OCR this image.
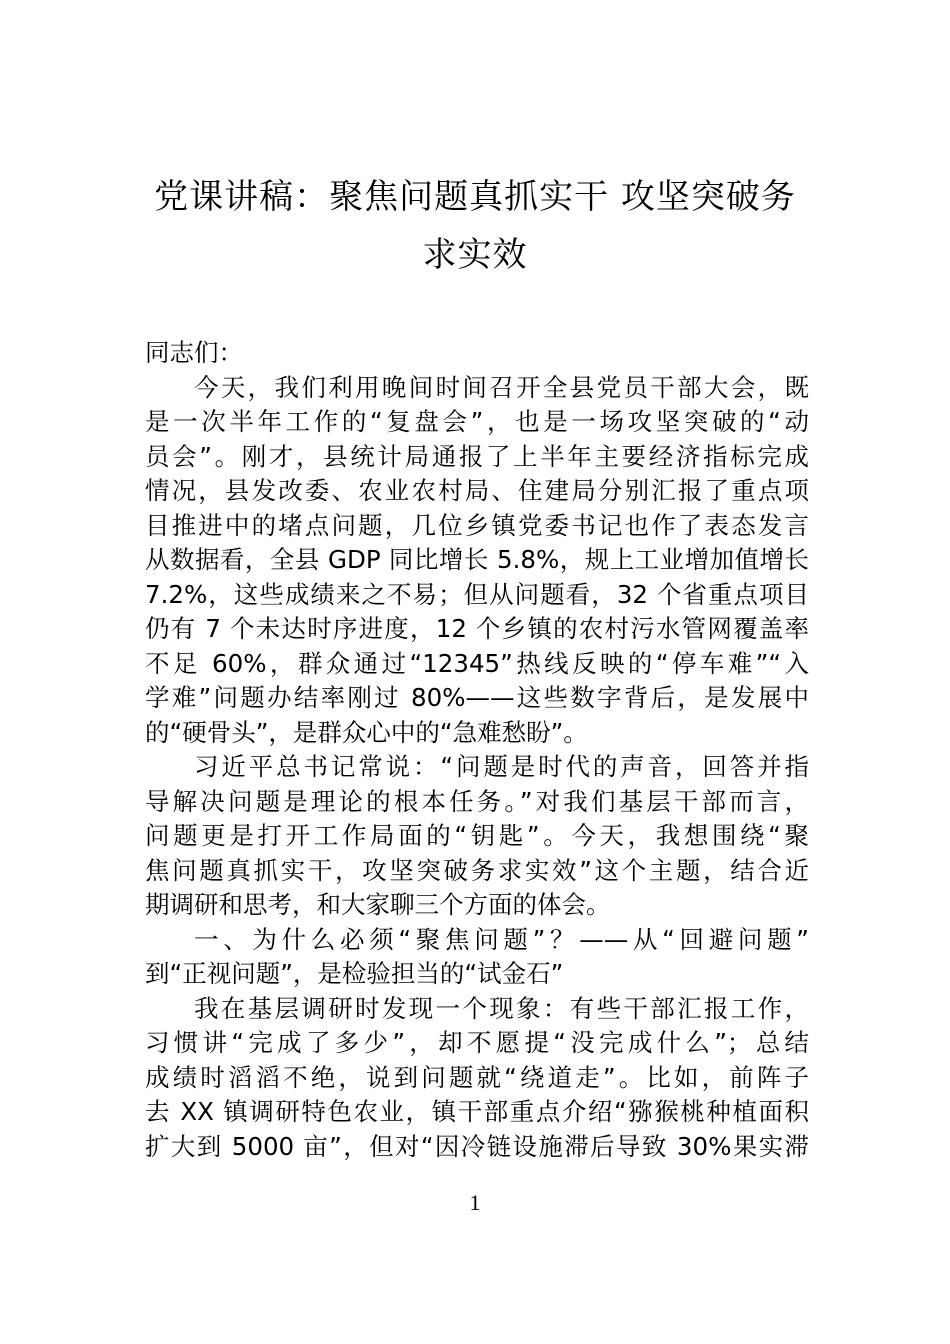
党课讲稿：聚焦问题真抓实干 攻坚突破务
求实效
同志们：
今天，我们利用晚间时间召开全县党员干部大会，既
是一次半年工作的“复盘会”，也是一场攻坚突破的“动
员会”。刚才，县统计局通报了上半年主要经济指标完成
情况，县发改委、农业农村局、住建局分别汇报了重点项
目推进中的堵点问题，几位乡镇党委书记也作了表态发言
从数据看，全县 GDP 同比增长 5.8%，规上工业增加值增长
7.2%，这些成绩来之不易；但从问题看，32 个省重点项目
仍有 7 个未达时序进度，12 个乡镇的农村污水管网覆盖率
不足 60%，群众通过“12345”热线反映的“停车难”“入
学难”问题办结率刚过 80%——这些数字背后，是发展中
的“硬骨头”，是群众心中的“急难愁盼”。
习近平总书记常说：“问题是时代的声音，回答并指
导解决问题是理论的根本任务。”对我们基层干部而言，
问题更是打开工作局面的“钥匙”。今天，我想围绕“聚
焦问题真抓实干，攻坚突破务求实效”这个主题，结合近
期调研和思考，和大家聊三个方面的体会。
一、为什么必须“聚焦问题”？——从“回避问题”
到“正视问题”，是检验担当的“试金石”
我在基层调研时发现一个现象：有些干部汇报工作，
习惯讲“完成了多少”，却不愿提“没完成什么”；总结
成绩时滔滔不绝，说到问题就“绕道走”。比如，前阵子
去 XX 镇调研特色农业，镇干部重点介绍“猕猴桃种植面积
扩大到 5000 亩”，但对“因冷链设施滞后导致 30%果实滞
1
